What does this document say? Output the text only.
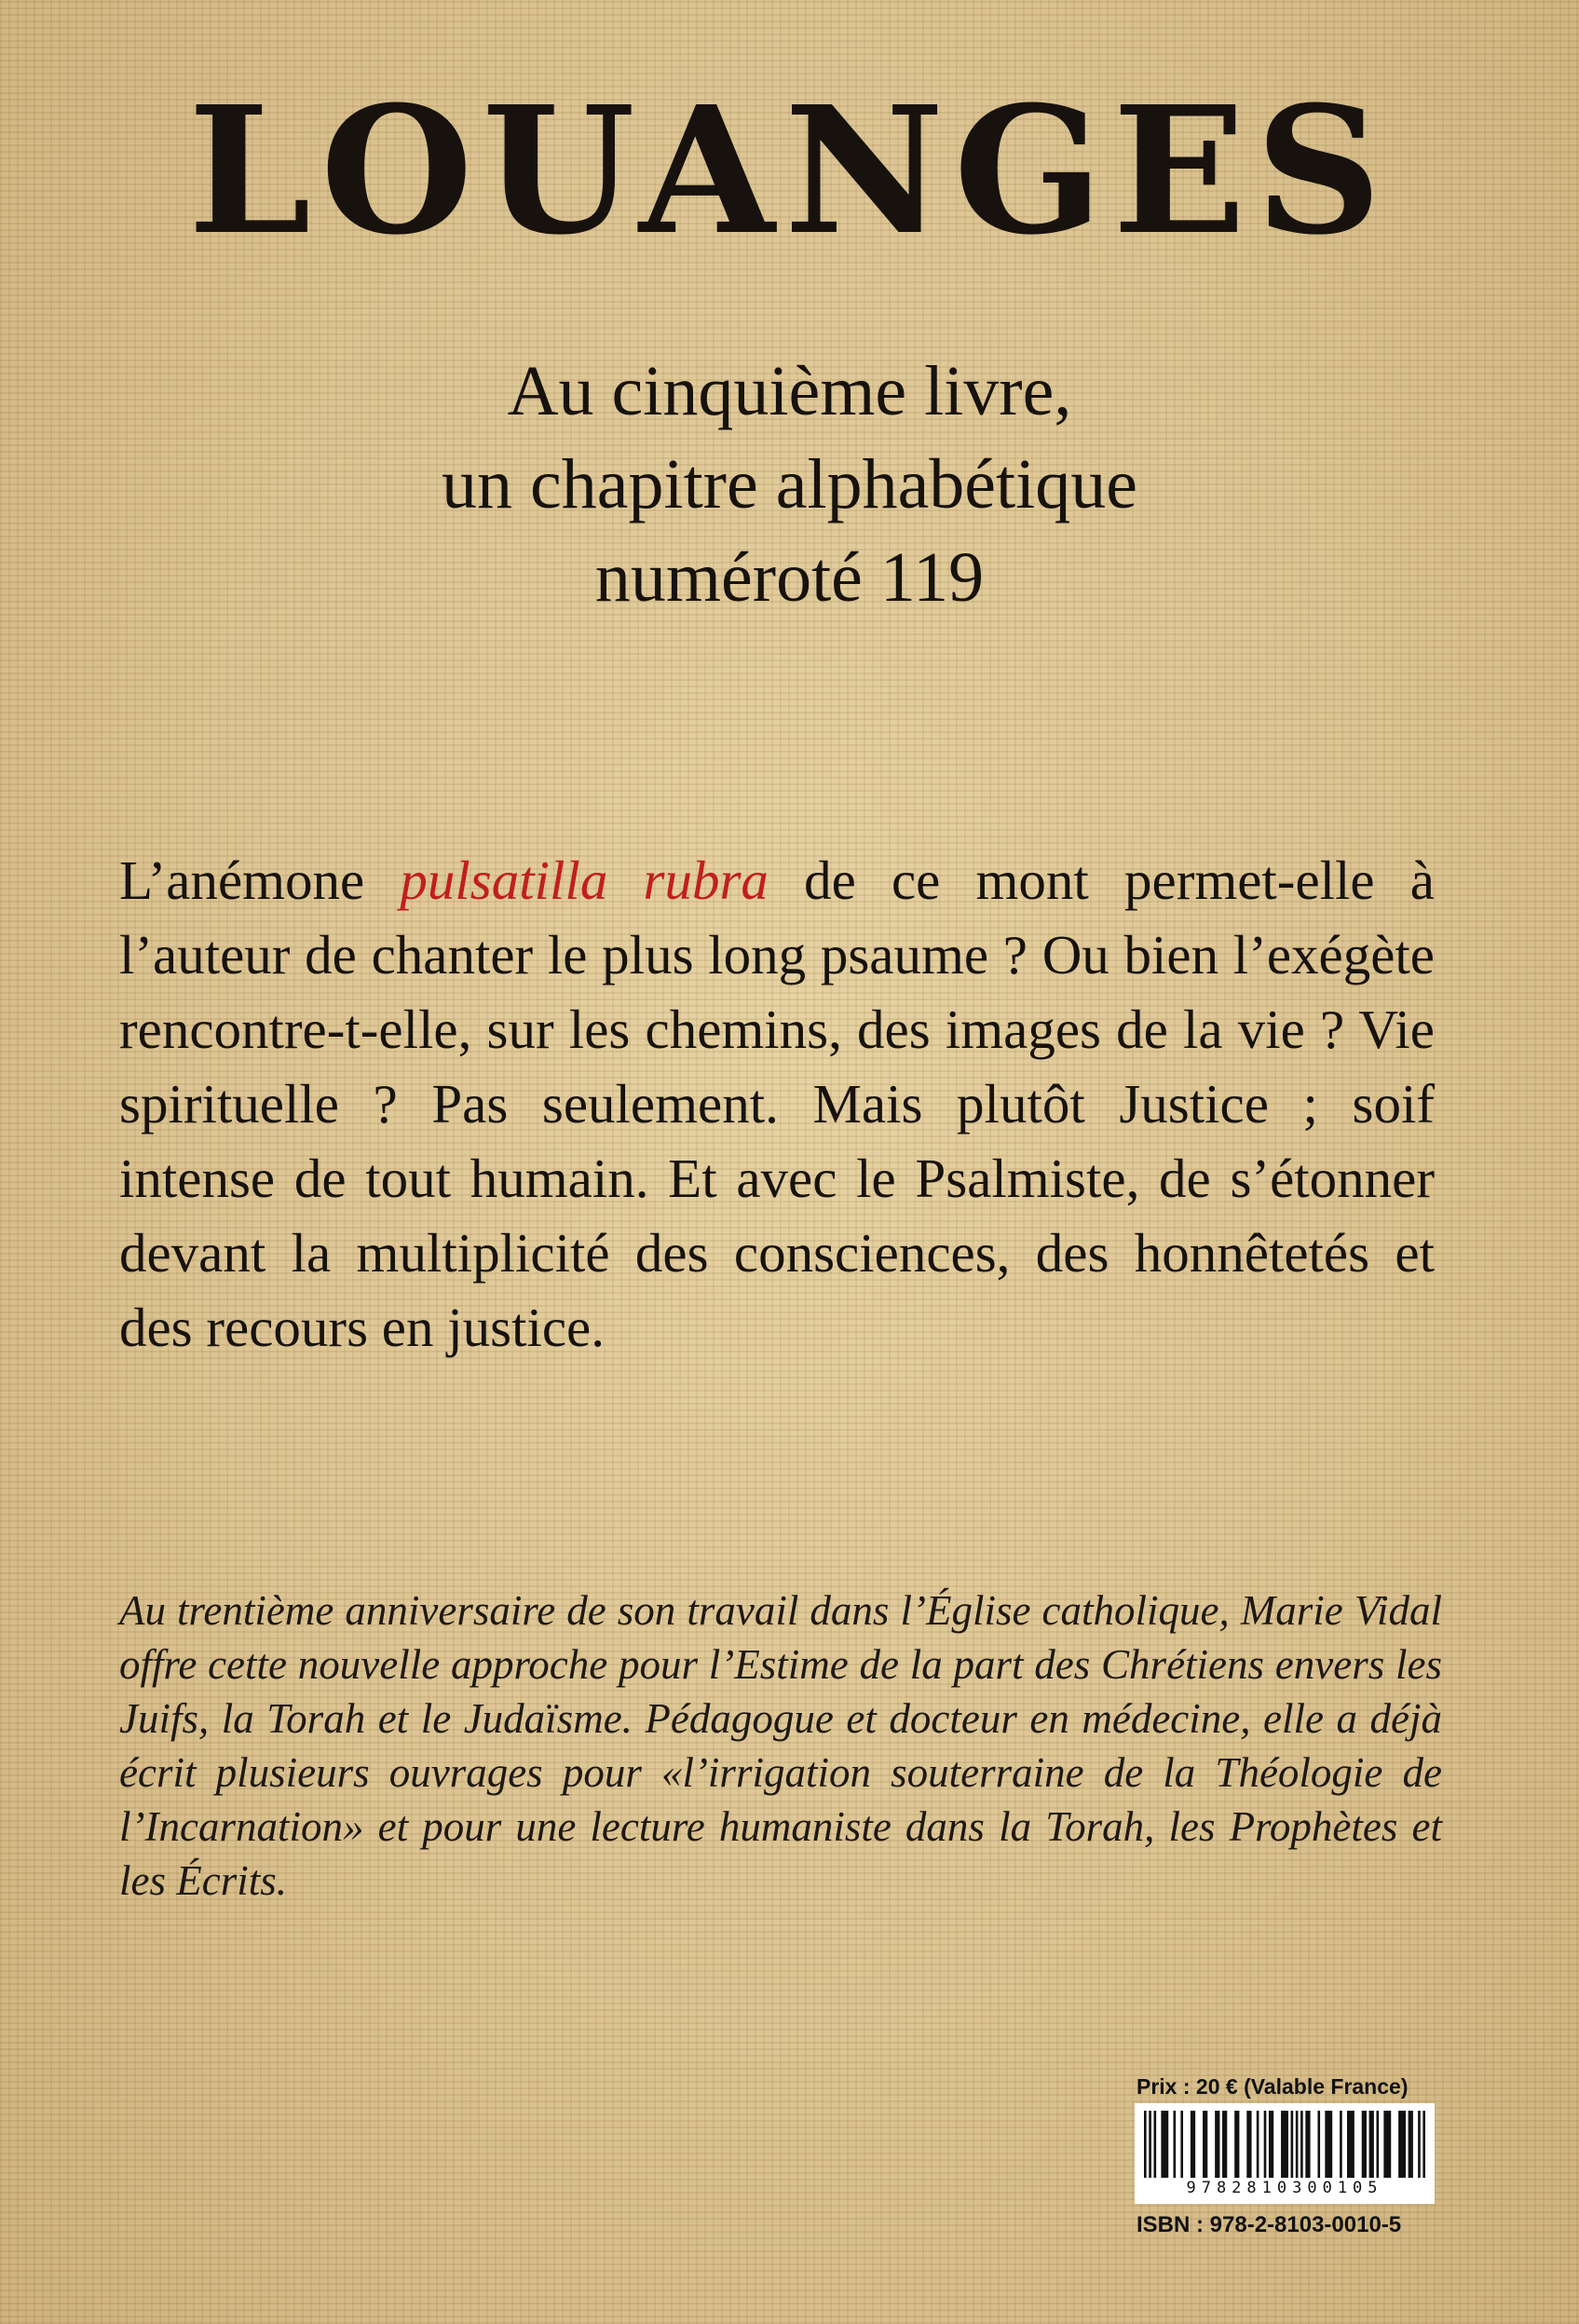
LOUANGES
Au cinquième livre,
un chapitre alphabétique
numéroté 119

L’anémone pulsatilla rubra de ce mont permet-elle à l’auteur de chanter le plus long psaume ? Ou bien l’exégète rencontre-t-elle, sur les chemins, des images de la vie ? Vie spirituelle ? Pas seulement. Mais plutôt Justice ; soif intense de tout humain. Et avec le Psalmiste, de s’étonner devant la multiplicité des consciences, des honnêtetés et des recours en justice.

Au trentième anniversaire de son travail dans l’Église catholique, Marie Vidal offre cette nouvelle approche pour l’Estime de la part des Chrétiens envers les Juifs, la Torah et le Judaïsme. Pédagogue et docteur en médecine, elle a déjà écrit plusieurs ouvrages pour «l’irrigation souterraine de la Théologie de l’Incarnation» et pour une lecture humaniste dans la Torah, les Prophètes et les Écrits.

Prix : 20 € (Valable France)

9782810300105

ISBN : 978-2-8103-0010-5
